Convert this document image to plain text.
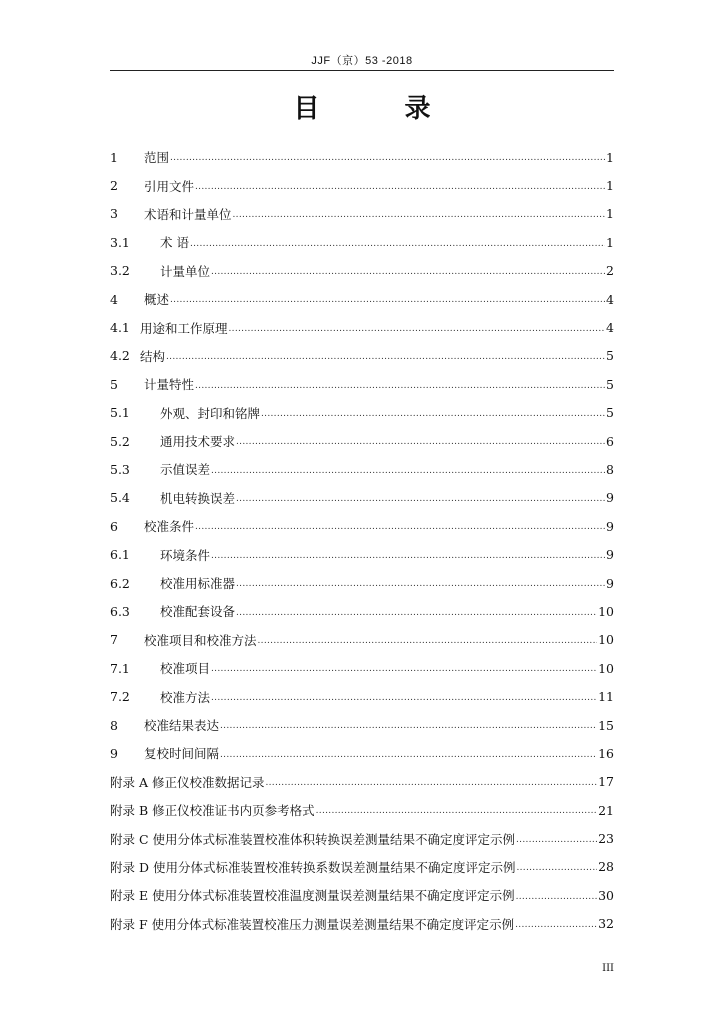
JJF（京）53 -2018
目 录
1	范围 .....	1
2	引用文件 .....	1
3	术语和计量单位 .....	1
3.1	术 语 .....	1
3.2	计量单位 .....	2
4	概述 .....	4
4.1 用途和工作原理 .....	4
4.2 结构 .....	5
5	计量特性 .....	5
5.1	外观、封印和铭牌 .....	5
5.2	通用技术要求 .....	6
5.3	示值误差 .....	8
5.4	机电转换误差 .....	9
6	校准条件 .....	9
6.1	环境条件 .....	9
6.2	校准用标准器 .....	9
6.3	校准配套设备 .....	10
7	校准项目和校准方法 .....	10
7.1	校准项目 .....	10
7.2	校准方法 .....	11
8	校准结果表达 .....	15
9	复校时间间隔 .....	16
附录 A 修正仪校准数据记录 .....	17
附录 B 修正仪校准证书内页参考格式 .....	21
附录 C 使用分体式标准装置校准体积转换误差测量结果不确定度评定示例 .....	23
附录 D 使用分体式标准装置校准转换系数误差测量结果不确定度评定示例 .....	28
附录 E 使用分体式标准装置校准温度测量误差测量结果不确定度评定示例 .....	30
附录 F 使用分体式标准装置校准压力测量误差测量结果不确定度评定示例 .....	32
III
